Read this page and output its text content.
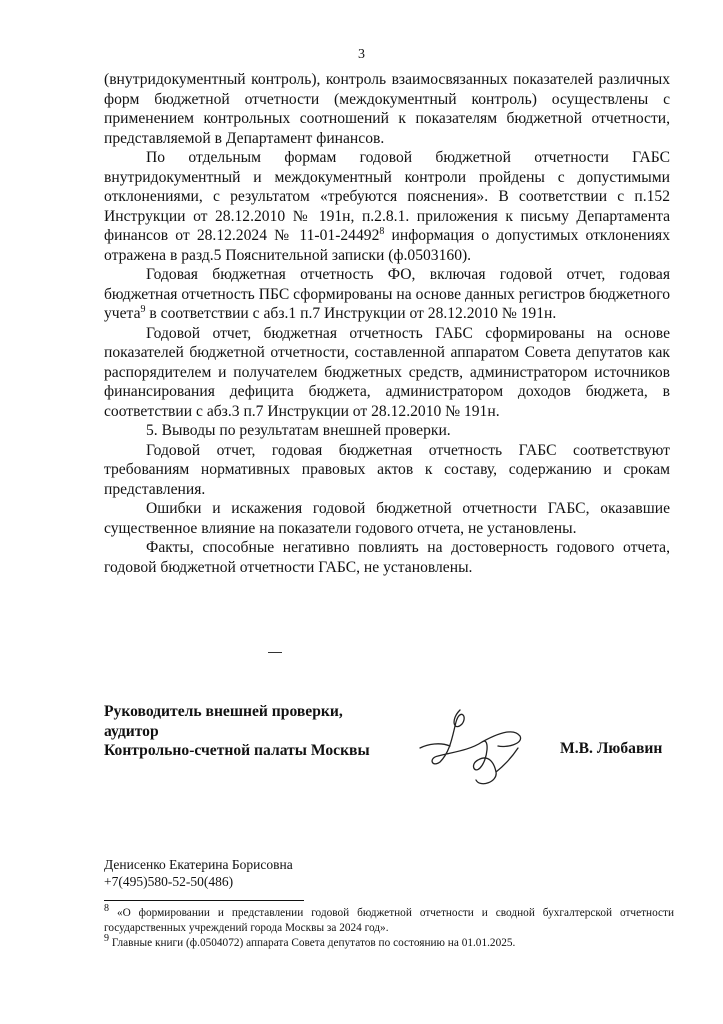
3

(внутридокументный контроль), контроль взаимосвязанных показателей различных форм бюджетной отчетности (междокументный контроль) осуществлены с применением контрольных соотношений к показателям бюджетной отчетности, представляемой в Департамент финансов.

По отдельным формам годовой бюджетной отчетности ГАБС внутридокументный и междокументный контроли пройдены с допустимыми отклонениями, с результатом «требуются пояснения». В соответствии с п.152 Инструкции от 28.12.2010 № 191н, п.2.8.1. приложения к письму Департамента финансов от 28.12.2024 № 11-01-24492$^8$ информация о допустимых отклонениях отражена в разд.5 Пояснительной записки (ф.0503160).

Годовая бюджетная отчетность ФО, включая годовой отчет, годовая бюджетная отчетность ПБС сформированы на основе данных регистров бюджетного учета$^9$ в соответствии с абз.1 п.7 Инструкции от 28.12.2010 № 191н.

Годовой отчет, бюджетная отчетность ГАБС сформированы на основе показателей бюджетной отчетности, составленной аппаратом Совета депутатов как распорядителем и получателем бюджетных средств, администратором источников финансирования дефицита бюджета, администратором доходов бюджета, в соответствии с абз.3 п.7 Инструкции от 28.12.2010 № 191н.

5. Выводы по результатам внешней проверки.

Годовой отчет, годовая бюджетная отчетность ГАБС соответствуют требованиям нормативных правовых актов к составу, содержанию и срокам представления.

Ошибки и искажения годовой бюджетной отчетности ГАБС, оказавшие существенное влияние на показатели годового отчета, не установлены.

Факты, способные негативно повлиять на достоверность годового отчета, годовой бюджетной отчетности ГАБС, не установлены.

Руководитель внешней проверки,
аудитор
Контрольно-счетной палаты Москвы	М.В. Любавин
Денисенко Екатерина Борисовна
+7(495)580-52-50(486)

$^8$ «О формировании и представлении годовой бюджетной отчетности и сводной бухгалтерской отчетности государственных учреждений города Москвы за 2024 год».

$^9$ Главные книги (ф.0504072) аппарата Совета депутатов по состоянию на 01.01.2025.
